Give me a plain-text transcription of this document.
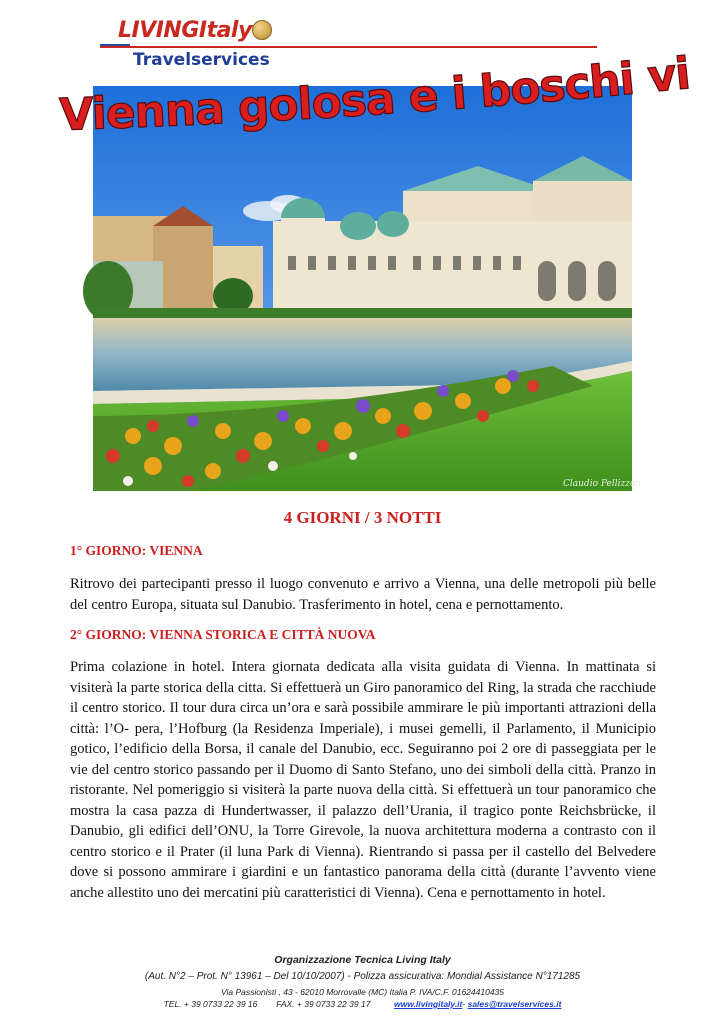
LIVINGItaly
Travelservices
Claudio Pellizzoli
Vienna golosa e i boschi viennesi
4 GIORNI / 3 NOTTI
1° GIORNO: VIENNA
Ritrovo dei partecipanti presso il luogo convenuto e arrivo a Vienna, una delle metropoli più belle del centro Europa, situata sul Danubio. Trasferimento in hotel, cena e pernottamento.
2° GIORNO: VIENNA STORICA E CITTÀ NUOVA
Prima colazione in hotel. Intera giornata dedicata alla visita guidata di Vienna. In mattinata si visiterà la parte storica della citta. Si effettuerà un Giro panoramico del Ring, la strada che racchiude il centro storico. Il tour dura circa un’ora e sarà possibile ammirare le più importanti attrazioni della città: l’O- pera, l’Hofburg (la Residenza Imperiale), i musei gemelli, il Parlamento, il Municipio gotico, l’edificio della Borsa, il canale del Danubio, ecc. Seguiranno poi 2 ore di passeggiata per le vie del centro storico passando per il Duomo di Santo Stefano, uno dei simboli della città. Pranzo in ristorante. Nel pomeriggio si visiterà la parte nuova della città. Si effettuerà un tour panoramico che mostra la casa pazza di Hundertwasser, il palazzo dell’Urania, il tragico ponte Reichsbrücke, il Danubio, gli edifici dell’ONU, la Torre Girevole, la nuova architettura moderna a contrasto con il centro storico e il Prater (il luna Park di Vienna). Rientrando si passa per il castello del Belvedere dove si possono ammirare i giardini e un fantastico panorama della città (durante l’avvento viene anche allestito uno dei mercatini più caratteristici di Vienna). Cena e pernottamento in hotel.
Organizzazione Tecnica Living Italy
(Aut. N°2 – Prot. N° 13961 – Del 10/10/2007) - Polizza assicurativa: Mondial Assistance N°171285
Via Passionisti , 43 - 62010 Morrovalle (MC) Italia P. IVA/C.F. 01624410435
TEL. + 39 0733 22 39 16 FAX. + 39 0733 22 39 17	www.livingitaly.it- sales@travelservices.it
